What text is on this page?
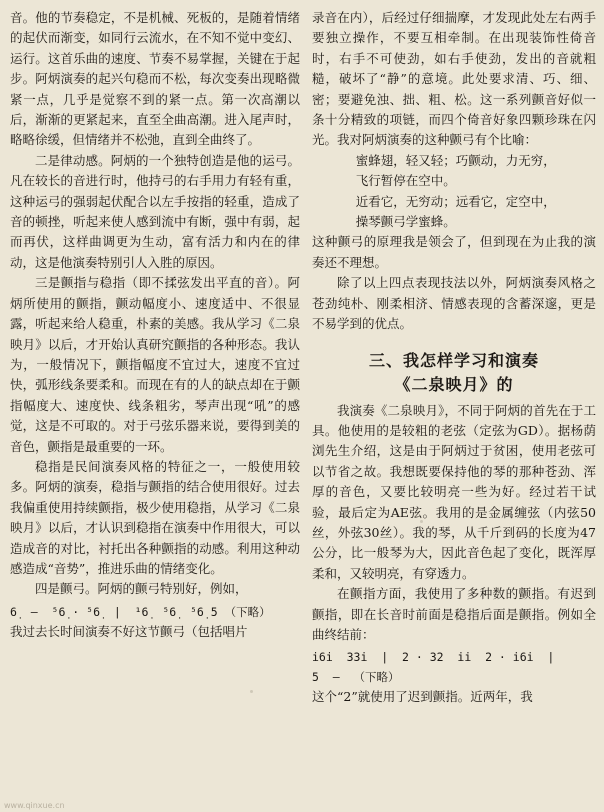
音。他的节奏稳定，不是机械、死板的，是随着情绪的起伏而渐变，如同行云流水，在不知不觉中变幻、运行。这首乐曲的速度、节奏不易掌握，关键在于起步。阿炳演奏的起兴句稳而不松，每次变奏出现略微紧一点，几乎是觉察不到的紧一点。第一次高潮以后，渐渐的更紧起来，直至全曲高潮。进入尾声时，略略徐缓，但情绪并不松弛，直到全曲终了。

二是律动感。阿炳的一个独特创造是他的运弓。凡在较长的音进行时，他持弓的右手用力有轻有重，这种运弓的强弱起伏配合以左手按指的轻重，造成了音的顿挫，听起来使人感到流中有断，强中有弱，起而再伏，这样曲调更为生动，富有活力和内在的律动，这是他演奏特别引人入胜的原因。

三是颤指与稳指（即不揉弦发出平直的音）。阿炳所使用的颤指，颤动幅度小、速度适中、不很显露，听起来给人稳重，朴素的美感。我从学习《二泉映月》以后，才开始认真研究颤指的各种形态。我认为，一般情况下，颤指幅度不宜过大，速度不宜过快，弧形线条要柔和。而现在有的人的缺点却在于颤指幅度大、速度快、线条粗劣，琴声出现“吼”的感觉，这是不可取的。对于弓弦乐器来说，要得到美的音色，颤指是最重要的一环。

稳指是民间演奏风格的特征之一，一般使用较多。阿炳的演奏，稳指与颤指的结合使用很好。过去我偏重使用持续颤指，极少使用稳指，从学习《二泉映月》以后，才认识到稳指在演奏中作用很大，可以造成音的对比，衬托出各种颤指的动感。利用这种动感造成“音势”，推进乐曲的情绪变化。

四是颤弓。阿炳的颤弓特别好，例如，

6̣  —  ⁵6̣ · ⁵6̣  |  ¹6̣  ⁵6̣  ⁵6̣ 5 （下略）

我过去长时间演奏不好这节颤弓（包括唱片

录音在内），后经过仔细揣摩，才发现此处左右两手要独立操作，不要互相牵制。在出现装饰性倚音时，右手不可使劲，如右手使劲，发出的音就粗糙，破坏了“静”的意境。此处要求清、巧、细、密；要避免浊、拙、粗、松。这一系列颤音好似一条十分精致的项链，而四个倚音好象四颗珍珠在闪光。我对阿炳演奏的这种颤弓有个比喻：

蜜蜂翅，轻又轻；巧颤动，力无穷，

飞行暂停在空中。

近看它，无穷动；远看它，定空中，

操琴颤弓学蜜蜂。

这种颤弓的原理我是领会了，但到现在为止我的演奏还不理想。

除了以上四点表现技法以外，阿炳演奏风格之苍劲纯朴、刚柔相济、情感表现的含蓄深邃，更是不易学到的优点。

三、我怎样学习和演奏
《二泉映月》的

我演奏《二泉映月》，不同于阿炳的首先在于工具。他使用的是较粗的老弦（定弦为GD）。据杨荫浏先生介绍，这是由于阿炳过于贫困，使用老弦可以节省之故。我想既要保持他的琴的那种苍劲、浑厚的音色，又要比较明亮一些为好。经过若干试验，最后定为AE弦。我用的是金属缠弦（内弦50丝，外弦30丝）。我的琴，从千斤到码的长度为47公分，比一般琴为大，因此音色起了变化，既浑厚柔和，又较明亮，有穿透力。

在颤指方面，我使用了多种数的颤指。有迟到颤指，即在长音时前面是稳指后面是颤指。例如全曲终结前：

i6i  33i  |  2 · 32  ii  2 · i6i  |

5  —  （下略）

这个“2”就使用了迟到颤指。近两年，我

www.qinxue.cn
